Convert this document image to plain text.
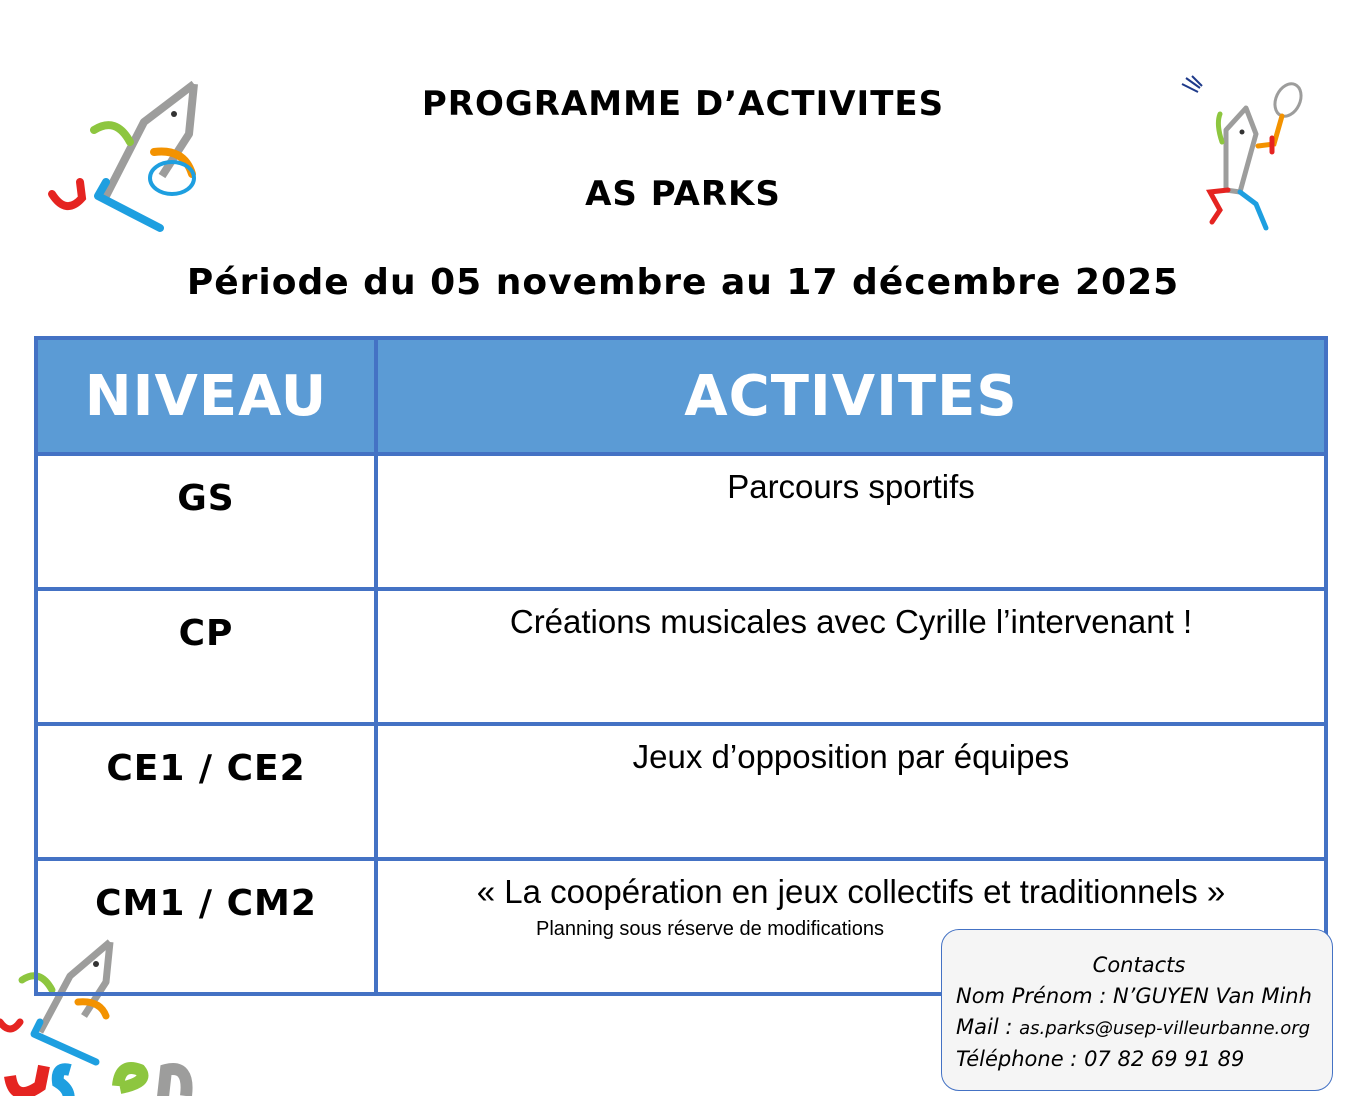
PROGRAMME D’ACTIVITES
AS PARKS
Période du 05 novembre au 17 décembre 2025
NIVEAU	ACTIVITES
GS	Parcours sportifs
CP	Créations musicales avec Cyrille l’intervenant !
CE1 / CE2	Jeux d’opposition par équipes
CM1 / CM2	« La coopération en jeux collectifs et traditionnels »
Planning sous réserve de modifications
Contacts
Nom Prénom : N’GUYEN Van Minh
Mail : as.parks@usep-villeurbanne.org
Téléphone : 07 82 69 91 89
